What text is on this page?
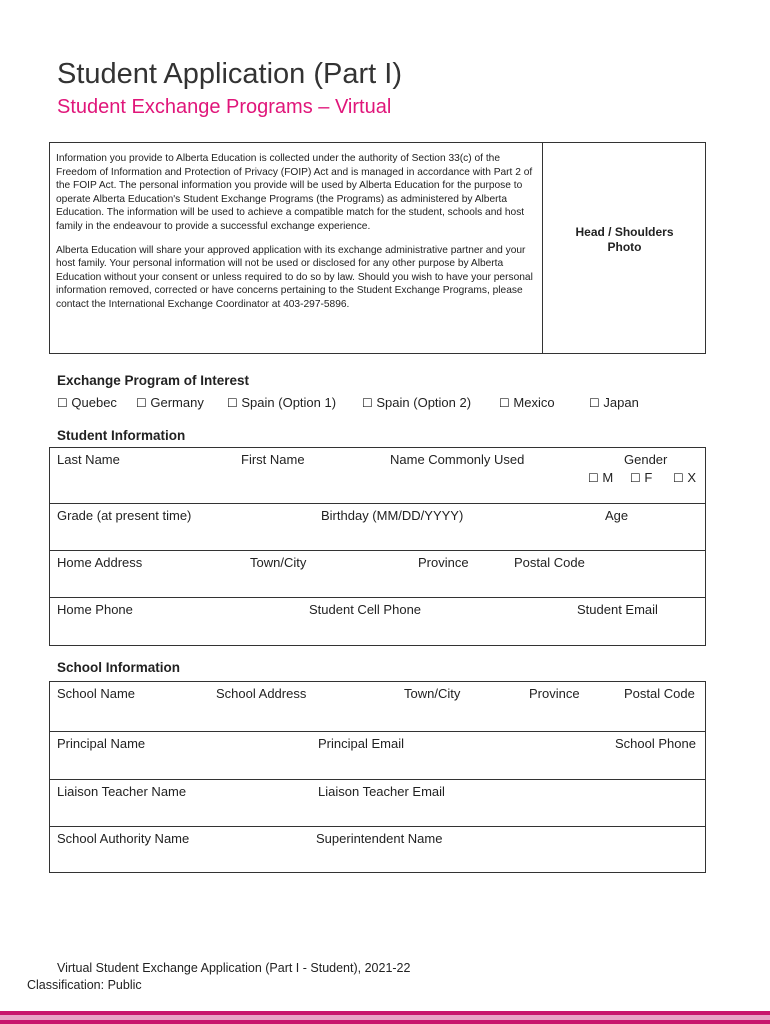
Student Application (Part I)
Student Exchange Programs – Virtual

Information you provide to Alberta Education is collected under the authority of Section 33(c) of the Freedom of Information and Protection of Privacy (FOIP) Act and is managed in accordance with Part 2 of the FOIP Act. The personal information you provide will be used by Alberta Education for the purpose to operate Alberta Education's Student Exchange Programs (the Programs) as administered by Alberta Education. The information will be used to achieve a compatible match for the student, schools and host family in the endeavour to provide a successful exchange experience.

Alberta Education will share your approved application with its exchange administrative partner and your host family. Your personal information will not be used or disclosed for any other purpose by Alberta Education without your consent or unless required to do so by law. Should you wish to have your personal information removed, corrected or have concerns pertaining to the Student Exchange Programs, please contact the International Exchange Coordinator at 403-297-5896.

Head / Shoulders
Photo
Exchange Program of Interest
☐ Quebec ☐ Germany ☐ Spain (Option 1) ☐ Spain (Option 2) ☐ Mexico	☐ Japan
Student Information
Last Name	First Name	Name Commonly Used	Gender
☐ M ☐ F ☐ X
Grade (at present time)	Birthday (MM/DD/YYYY)	Age
Home Address	Town/City	Province	Postal Code
Home Phone	Student Cell Phone	Student Email
School Information
School Name	School Address	Town/City	Province	Postal Code
Principal Name	Principal Email	School Phone
Liaison Teacher Name	Liaison Teacher Email
School Authority Name	Superintendent Name
Virtual Student Exchange Application (Part I - Student), 2021-22
Classification: Public
